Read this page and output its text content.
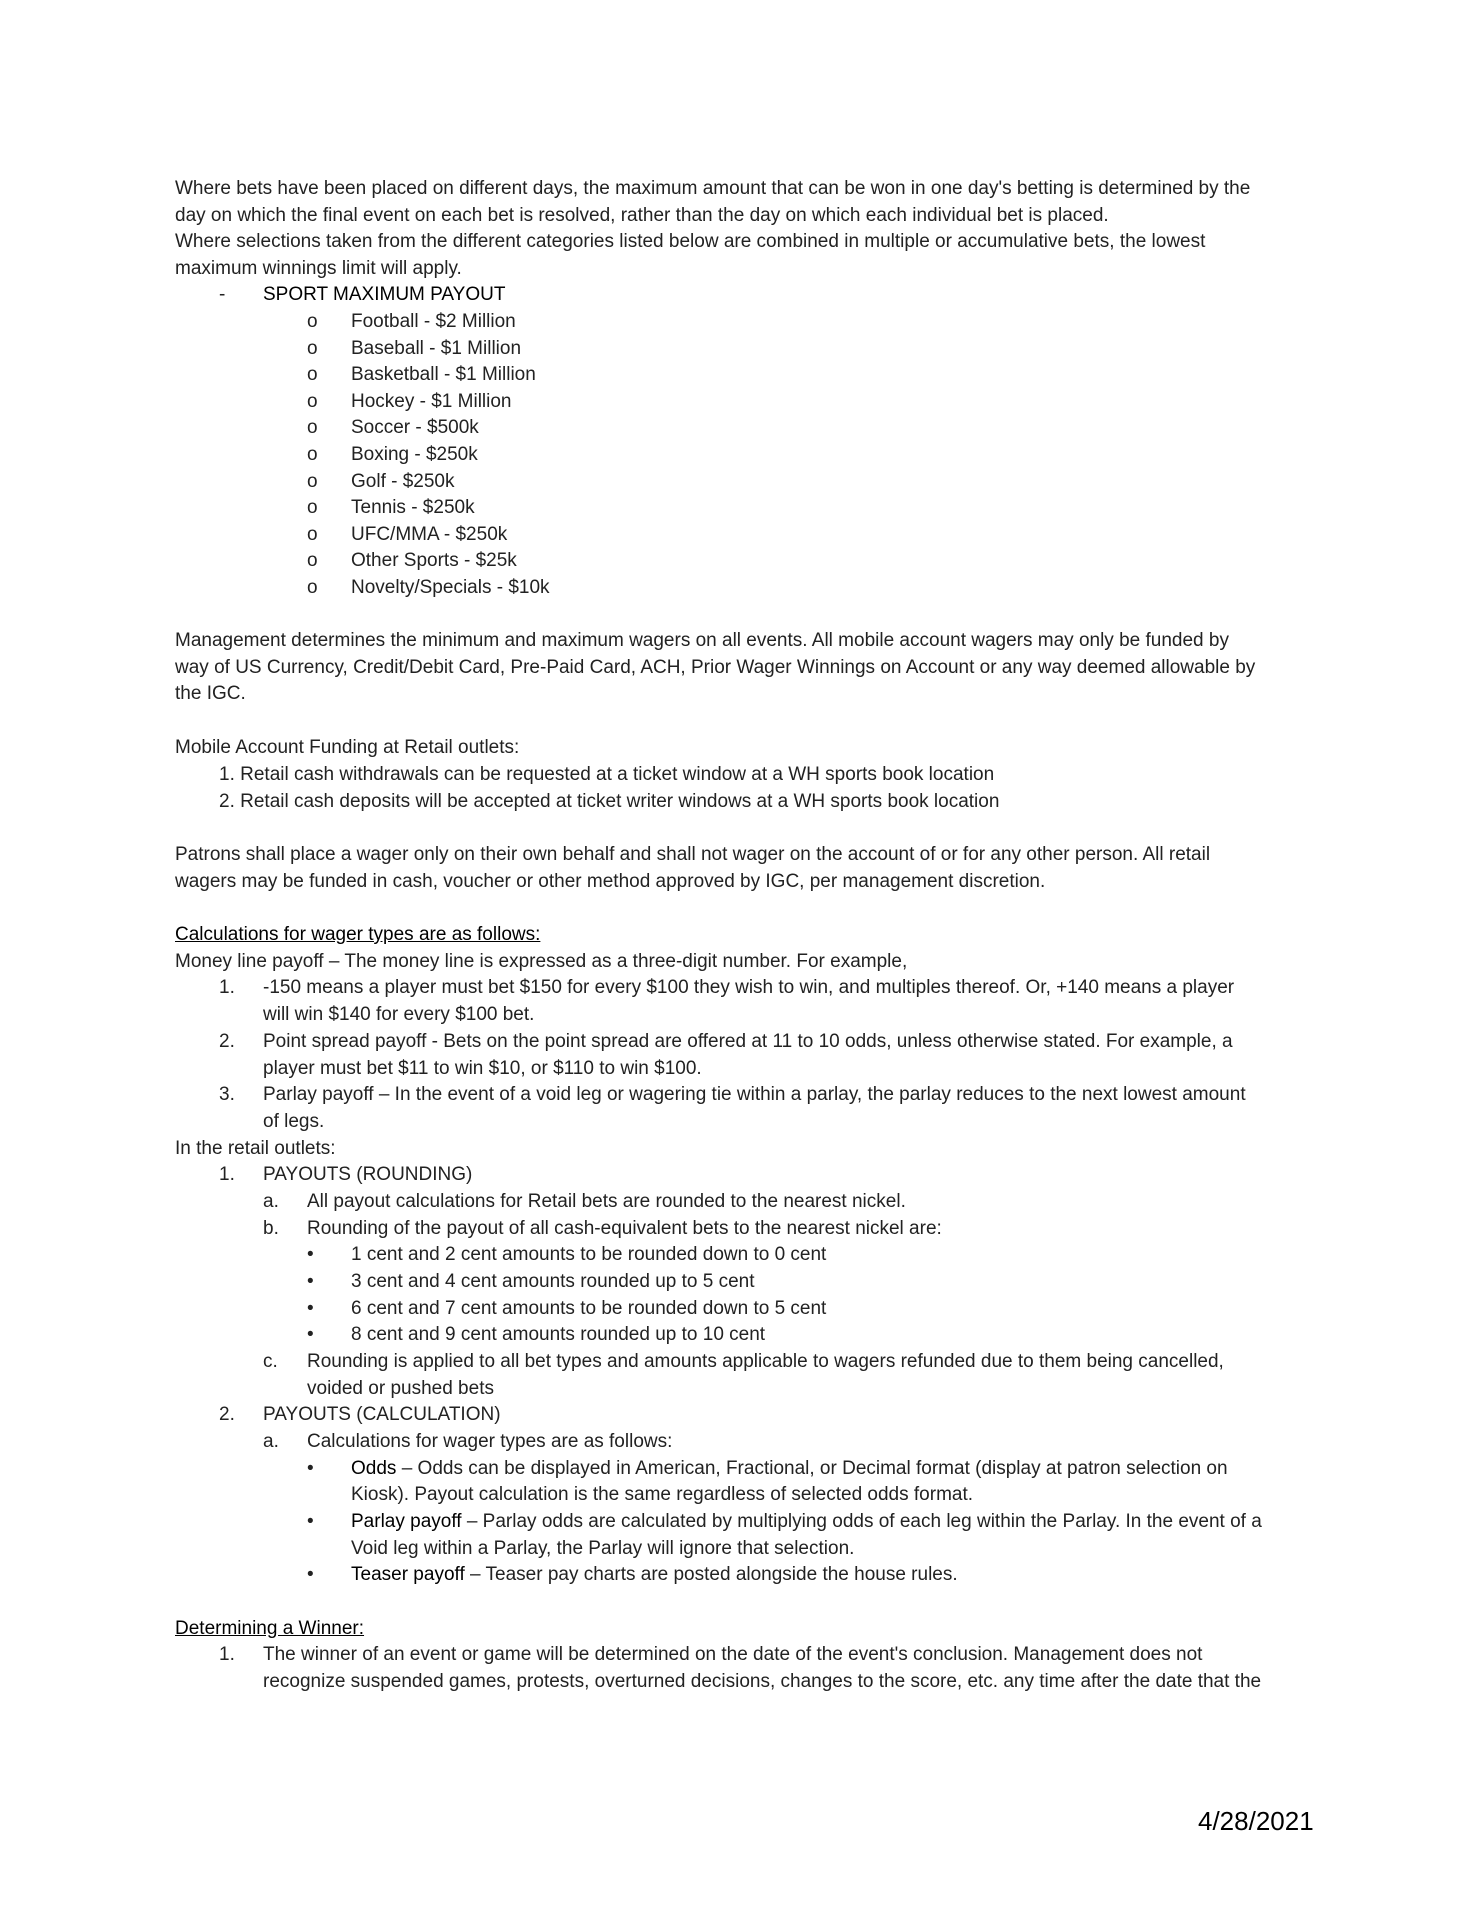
Where bets have been placed on different days, the maximum amount that can be won in one day's betting is determined by the
day on which the final event on each bet is resolved, rather than the day on which each individual bet is placed.
Where selections taken from the different categories listed below are combined in multiple or accumulative bets, the lowest
maximum winnings limit will apply.
- SPORT MAXIMUM PAYOUT
o Football - $2 Million
o Baseball - $1 Million
o Basketball - $1 Million
o Hockey - $1 Million
o Soccer - $500k
o Boxing - $250k
o Golf - $250k
o Tennis - $250k
o UFC/MMA - $250k
o Other Sports - $25k
o Novelty/Specials - $10k
Management determines the minimum and maximum wagers on all events. All mobile account wagers may only be funded by
way of US Currency, Credit/Debit Card, Pre-Paid Card, ACH, Prior Wager Winnings on Account or any way deemed allowable by
the IGC.
Mobile Account Funding at Retail outlets:
1. Retail cash withdrawals can be requested at a ticket window at a WH sports book location
2. Retail cash deposits will be accepted at ticket writer windows at a WH sports book location
Patrons shall place a wager only on their own behalf and shall not wager on the account of or for any other person. All retail
wagers may be funded in cash, voucher or other method approved by IGC, per management discretion.
Calculations for wager types are as follows:
Money line payoff – The money line is expressed as a three-digit number. For example,
1. -150 means a player must bet $150 for every $100 they wish to win, and multiples thereof. Or, +140 means a player
will win $140 for every $100 bet.
2. Point spread payoff - Bets on the point spread are offered at 11 to 10 odds, unless otherwise stated. For example, a
player must bet $11 to win $10, or $110 to win $100.
3. Parlay payoff – In the event of a void leg or wagering tie within a parlay, the parlay reduces to the next lowest amount
of legs.
In the retail outlets:
1. PAYOUTS (ROUNDING)
a. All payout calculations for Retail bets are rounded to the nearest nickel.
b. Rounding of the payout of all cash-equivalent bets to the nearest nickel are:
• 1 cent and 2 cent amounts to be rounded down to 0 cent
• 3 cent and 4 cent amounts rounded up to 5 cent
• 6 cent and 7 cent amounts to be rounded down to 5 cent
• 8 cent and 9 cent amounts rounded up to 10 cent
c. Rounding is applied to all bet types and amounts applicable to wagers refunded due to them being cancelled,
voided or pushed bets
2. PAYOUTS (CALCULATION)
a. Calculations for wager types are as follows:
• Odds – Odds can be displayed in American, Fractional, or Decimal format (display at patron selection on
Kiosk). Payout calculation is the same regardless of selected odds format.
• Parlay payoff – Parlay odds are calculated by multiplying odds of each leg within the Parlay. In the event of a
Void leg within a Parlay, the Parlay will ignore that selection.
• Teaser payoff – Teaser pay charts are posted alongside the house rules.
Determining a Winner:
1. The winner of an event or game will be determined on the date of the event's conclusion. Management does not
recognize suspended games, protests, overturned decisions, changes to the score, etc. any time after the date that the
4/28/2021
